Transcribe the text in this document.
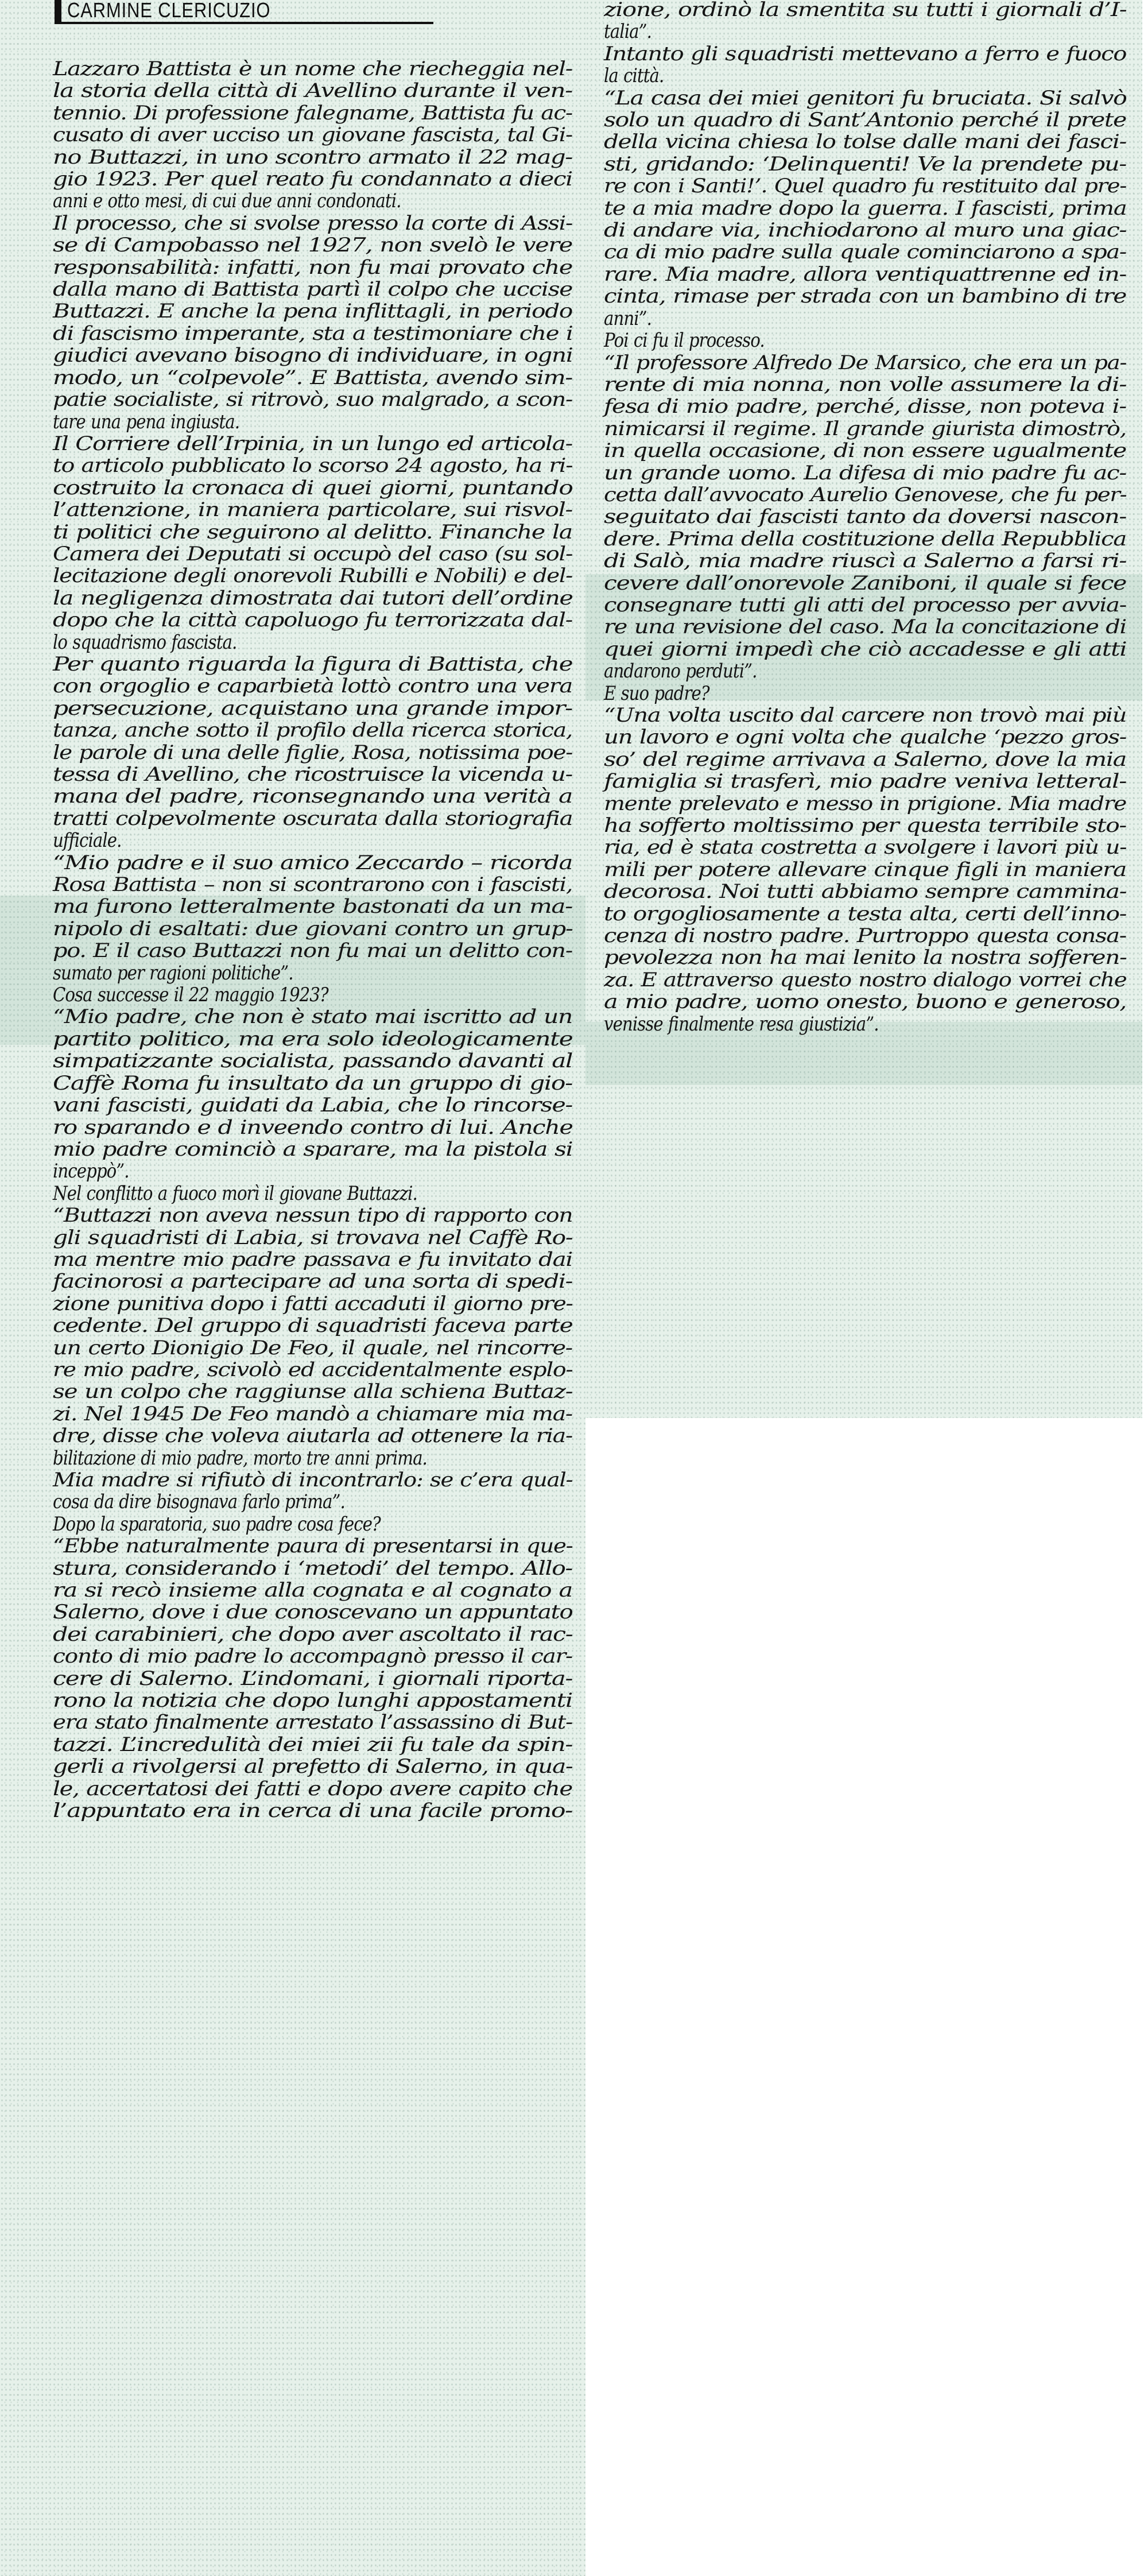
CARMINE CLERICUZIO
Lazzaro Battista è un nome che riecheggia nel-
la storia della città di Avellino durante il ven-
tennio. Di professione falegname, Battista fu ac-
cusato di aver ucciso un giovane fascista, tal Gi-
no Buttazzi, in uno scontro armato il 22 mag-
gio 1923. Per quel reato fu condannato a dieci
anni e otto mesi, di cui due anni condonati.
Il processo, che si svolse presso la corte di Assi-
se di Campobasso nel 1927, non svelò le vere
responsabilità: infatti, non fu mai provato che
dalla mano di Battista partì il colpo che uccise
Buttazzi. E anche la pena inflittagli, in periodo
di fascismo imperante, sta a testimoniare che i
giudici avevano bisogno di individuare, in ogni
modo, un “colpevole”. E Battista, avendo sim-
patie socialiste, si ritrovò, suo malgrado, a scon-
tare una pena ingiusta.
Il Corriere dell’Irpinia, in un lungo ed articola-
to articolo pubblicato lo scorso 24 agosto, ha ri-
costruito la cronaca di quei giorni, puntando
l’attenzione, in maniera particolare, sui risvol-
ti politici che seguirono al delitto. Finanche la
Camera dei Deputati si occupò del caso (su sol-
lecitazione degli onorevoli Rubilli e Nobili) e del-
la negligenza dimostrata dai tutori dell’ordine
dopo che la città capoluogo fu terrorizzata dal-
lo squadrismo fascista.
Per quanto riguarda la figura di Battista, che
con orgoglio e caparbietà lottò contro una vera
persecuzione, acquistano una grande impor-
tanza, anche sotto il profilo della ricerca storica,
le parole di una delle figlie, Rosa, notissima poe-
tessa di Avellino, che ricostruisce la vicenda u-
mana del padre, riconsegnando una verità a
tratti colpevolmente oscurata dalla storiografia
ufficiale.
“Mio padre e il suo amico Zeccardo – ricorda
Rosa Battista – non si scontrarono con i fascisti,
ma furono letteralmente bastonati da un ma-
nipolo di esaltati: due giovani contro un grup-
po. E il caso Buttazzi non fu mai un delitto con-
sumato per ragioni politiche”.
Cosa successe il 22 maggio 1923?
“Mio padre, che non è stato mai iscritto ad un
partito politico, ma era solo ideologicamente
simpatizzante socialista, passando davanti al
Caffè Roma fu insultato da un gruppo di gio-
vani fascisti, guidati da Labia, che lo rincorse-
ro sparando e d inveendo contro di lui. Anche
mio padre cominciò a sparare, ma la pistola si
inceppò”.
Nel conflitto a fuoco morì il giovane Buttazzi.
“Buttazzi non aveva nessun tipo di rapporto con
gli squadristi di Labia, si trovava nel Caffè Ro-
ma mentre mio padre passava e fu invitato dai
facinorosi a partecipare ad una sorta di spedi-
zione punitiva dopo i fatti accaduti il giorno pre-
cedente. Del gruppo di squadristi faceva parte
un certo Dionigio De Feo, il quale, nel rincorre-
re mio padre, scivolò ed accidentalmente esplo-
se un colpo che raggiunse alla schiena Buttaz-
zi. Nel 1945 De Feo mandò a chiamare mia ma-
dre, disse che voleva aiutarla ad ottenere la ria-
bilitazione di mio padre, morto tre anni prima.
Mia madre si rifiutò di incontrarlo: se c’era qual-
cosa da dire bisognava farlo prima”.
Dopo la sparatoria, suo padre cosa fece?
“Ebbe naturalmente paura di presentarsi in que-
stura, considerando i ‘metodi’ del tempo. Allo-
ra si recò insieme alla cognata e al cognato a
Salerno, dove i due conoscevano un appuntato
dei carabinieri, che dopo aver ascoltato il rac-
conto di mio padre lo accompagnò presso il car-
cere di Salerno. L’indomani, i giornali riporta-
rono la notizia che dopo lunghi appostamenti
era stato finalmente arrestato l’assassino di But-
tazzi. L’incredulità dei miei zii fu tale da spin-
gerli a rivolgersi al prefetto di Salerno, in qua-
le, accertatosi dei fatti e dopo avere capito che
l’appuntato era in cerca di una facile promo-
zione, ordinò la smentita su tutti i giornali d’I-
talia”.
Intanto gli squadristi mettevano a ferro e fuoco
la città.
“La casa dei miei genitori fu bruciata. Si salvò
solo un quadro di Sant’Antonio perché il prete
della vicina chiesa lo tolse dalle mani dei fasci-
sti, gridando: ‘Delinquenti! Ve la prendete pu-
re con i Santi!’. Quel quadro fu restituito dal pre-
te a mia madre dopo la guerra. I fascisti, prima
di andare via, inchiodarono al muro una giac-
ca di mio padre sulla quale cominciarono a spa-
rare. Mia madre, allora ventiquattrenne ed in-
cinta, rimase per strada con un bambino di tre
anni”.
Poi ci fu il processo.
“Il professore Alfredo De Marsico, che era un pa-
rente di mia nonna, non volle assumere la di-
fesa di mio padre, perché, disse, non poteva i-
nimicarsi il regime. Il grande giurista dimostrò,
in quella occasione, di non essere ugualmente
un grande uomo. La difesa di mio padre fu ac-
cetta dall’avvocato Aurelio Genovese, che fu per-
seguitato dai fascisti tanto da doversi nascon-
dere. Prima della costituzione della Repubblica
di Salò, mia madre riuscì a Salerno a farsi ri-
cevere dall’onorevole Zaniboni, il quale si fece
consegnare tutti gli atti del processo per avvia-
re una revisione del caso. Ma la concitazione di
quei giorni impedì che ciò accadesse e gli atti
andarono perduti”.
E suo padre?
“Una volta uscito dal carcere non trovò mai più
un lavoro e ogni volta che qualche ‘pezzo gros-
so’ del regime arrivava a Salerno, dove la mia
famiglia si trasferì, mio padre veniva letteral-
mente prelevato e messo in prigione. Mia madre
ha sofferto moltissimo per questa terribile sto-
ria, ed è stata costretta a svolgere i lavori più u-
mili per potere allevare cinque figli in maniera
decorosa. Noi tutti abbiamo sempre cammina-
to orgogliosamente a testa alta, certi dell’inno-
cenza di nostro padre. Purtroppo questa consa-
pevolezza non ha mai lenito la nostra sofferen-
za. E attraverso questo nostro dialogo vorrei che
a mio padre, uomo onesto, buono e generoso,
venisse finalmente resa giustizia”.
